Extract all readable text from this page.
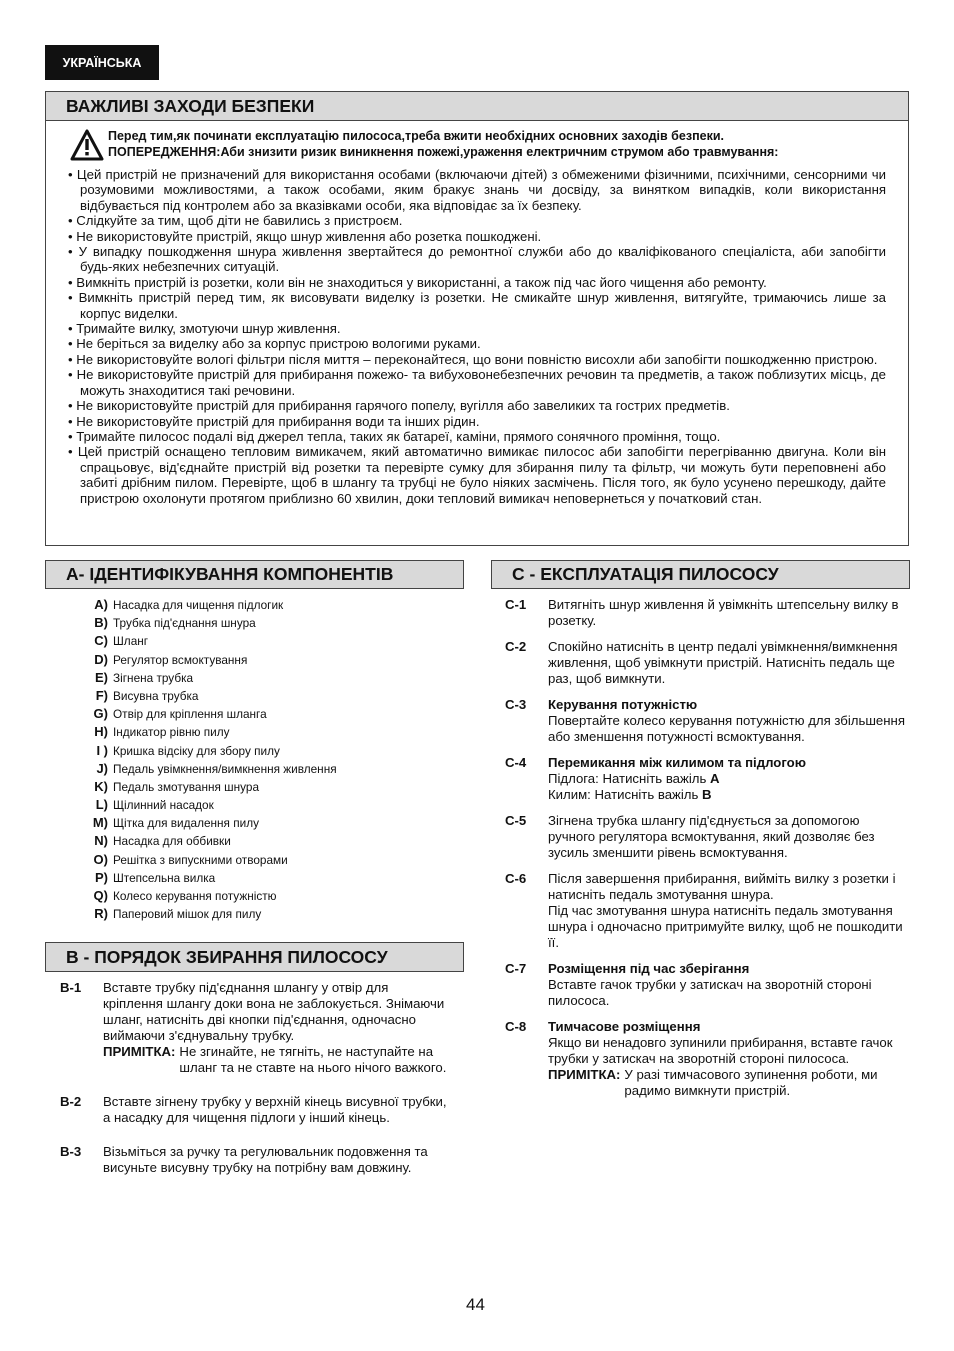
УКРАЇНСЬКА
ВАЖЛИВІ ЗАХОДИ БЕЗПЕКИ
Перед тим,як починати експлуатацію пилососа,треба вжити необхідних основних заходів безпеки.
ПОПЕРЕДЖЕННЯ:Аби знизити ризик виникнення пожежі,ураження електричним струмом або травмування:
• Цей пристрій не призначений для використання особами (включаючи дітей) з обмеженими фізичними, психічними, сенсорними чи розумовими можливостями, а також особами, яким бракує знань чи досвіду, за винятком випадків, коли використання відбувається під контролем або за вказівками особи, яка відповідає за їх безпеку.
• Слідкуйте за тим, щоб діти не бавились з пристроєм.
• Не використовуйте пристрій, якщо шнур живлення або розетка пошкоджені.
• У випадку пошкодження шнура живлення звертайтеся до ремонтної служби або до кваліфікованого спеціаліста, аби запобігти будь-яких небезпечних ситуацій.
• Вимкніть пристрій із розетки, коли він не знаходиться у використанні, а також під час його чищення або ремонту.
• Вимкніть пристрій перед тим, як висовувати виделку із розетки. Не смикайте шнур живлення, витягуйте, тримаючись лише за корпус виделки.
• Тримайте вилку, змотуючи шнур живлення.
• Не беріться за виделку або за корпус пристрою вологими руками.
• Не використовуйте вологі фільтри після миття – переконайтеся, що вони повністю висохли аби запобігти пошкодженню пристрою.
• Не використовуйте пристрій для прибирання пожежо- та вибуховонебезпечних речовин та предметів, а також поблизутих місць, де можуть знаходитися такі речовини.
• Не використовуйте пристрій для прибирання гарячого попелу, вугілля або завеликих та гострих предметів.
• Не використовуйте пристрій для прибирання води та інших рідин.
• Тримайте пилосос подалі від джерел тепла, таких як батареї, каміни, прямого сонячного проміння, тощо.
• Цей пристрій оснащено тепловим вимикачем, який автоматично вимикає пилосос аби запобігти перегріванню двигуна. Коли він спрацьовує, від'єднайте пристрій від розетки та перевірте сумку для збирання пилу та фільтр, чи можуть бути переповнені або забиті дрібним пилом. Перевірте, щоб в шлангу та трубці не було ніяких засмічень. Після того, як було усунено перешкоду, дайте пристрою охолонути протягом приблизно 60 хвилин, доки тепловий вимикач неповернеться у початковий стан.
A- ІДЕНТИФІКУВАННЯ КОМПОНЕНТІВ
A) Насадка для чищення підлогик
B) Трубка під'єднання шнура
C) Шланг
D) Регулятор всмоктування
E) Зігнена трубка
F) Висувна трубка
G) Отвір для кріплення шланга
H) Індикатор рівню пилу
I ) Кришка відсіку для збору пилу
J) Педаль увімкнення/вимкнення живлення
K) Педаль змотування шнура
L) Щілинний насадок
M) Щітка для видалення пилу
N) Насадка для оббивки
O) Решітка з випускними отворами
P) Штепсельна вилка
Q) Колесо керування потужністю
R) Паперовий мішок для пилу
B - ПОРЯДОК ЗБИРАННЯ ПИЛОСОСУ
B-1	Вставте трубку під'єднання шлангу у отвір для кріплення шлангу доки вона не заблокується. Знімаючи шланг, натисніть дві кнопки під'єднання, одночасно виймаючи з'єднувальну трубку.

ПРИМІТКА: Не згинайте, не тягніть, не наступайте на шланг та не ставте на нього нічого важкого.
B-2	Вставте зігнену трубку у верхній кінець висувної трубки, а насадку для чищення підлоги у інший кінець.

B-3	Візьміться за ручку та регулювальник подовження та висуньте висувну трубку на потрібну вам довжину.

C - ЕКСПЛУАТАЦІЯ ПИЛОСОСУ
C-1	Витягніть шнур живлення й увімкніть штепсельну вилку в розетку.

C-2	Спокійно натисніть в центр педалі увімкнення/вимкнення живлення, щоб увімкнути пристрій. Натисніть педаль ще раз, щоб вимкнути.

C-3	Керування потужністю

Повертайте колесо керування потужністю для збільшення або зменшення потужності всмоктування.

C-4	Перемикання між килимом та підлогою

Підлога: Натисніть важіль A

Килим: Натисніть важіль B

C-5	Зігнена трубка шлангу під'єднується за допомогою ручного регулятора всмоктування, який дозволяє без зусиль зменшити рівень всмоктування.

C-6	Після завершення прибирання, вийміть вилку з розетки і натисніть педаль змотування шнура.

Під час змотування шнура натисніть педаль змотування шнура і одночасно притримуйте вилку, щоб не пошкодити її.

C-7	Розміщення під час зберігання

Вставте гачок трубки у затискач на зворотній стороні пилососа.

C-8	Тимчасове розміщення

Якщо ви ненадовго зупинили прибирання, вставте гачок трубки у затискач на зворотній стороні пилососа.

ПРИМІТКА: У разі тимчасового зупинення роботи, ми радимо вимкнути пристрій.
44
